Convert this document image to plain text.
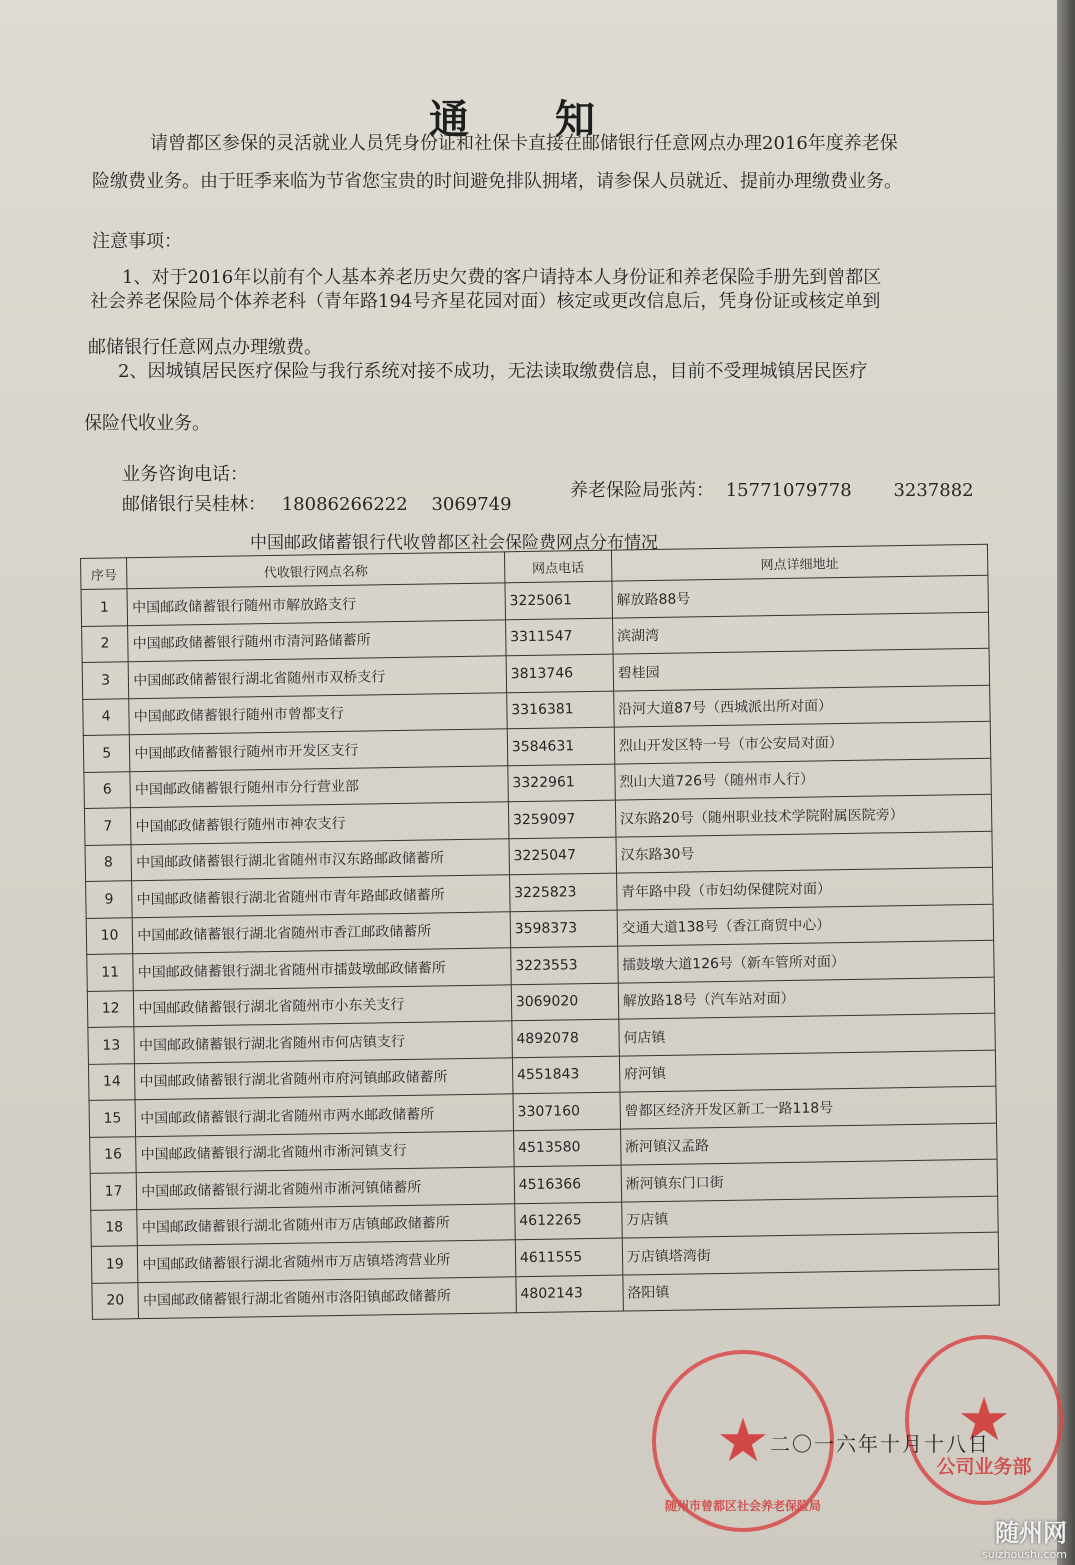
通 知
请曾都区参保的灵活就业人员凭身份证和社保卡直接在邮储银行任意网点办理2016年度养老保
险缴费业务。由于旺季来临为节省您宝贵的时间避免排队拥堵，请参保人员就近、提前办理缴费业务。
注意事项：
1、对于2016年以前有个人基本养老历史欠费的客户请持本人身份证和养老保险手册先到曾都区
社会养老保险局个体养老科（青年路194号齐星花园对面）核定或更改信息后，凭身份证或核定单到
邮储银行任意网点办理缴费。
2、因城镇居民医疗保险与我行系统对接不成功，无法读取缴费信息，目前不受理城镇居民医疗
保险代收业务。
业务咨询电话：
邮储银行吴桂林： 18086266222 3069749
养老保险局张芮： 15771079778 3237882
中国邮政储蓄银行代收曾都区社会保险费网点分布情况
序号	代收银行网点名称	网点电话	网点详细地址
1	中国邮政储蓄银行随州市解放路支行	3225061	解放路88号
2	中国邮政储蓄银行随州市清河路储蓄所	3311547	滨湖湾
3	中国邮政储蓄银行湖北省随州市双桥支行	3813746	碧桂园
4	中国邮政储蓄银行随州市曾都支行	3316381	沿河大道87号（西城派出所对面）
5	中国邮政储蓄银行随州市开发区支行	3584631	烈山开发区特一号（市公安局对面）
6	中国邮政储蓄银行随州市分行营业部	3322961	烈山大道726号（随州市人行）
7	中国邮政储蓄银行随州市神农支行	3259097	汉东路20号（随州职业技术学院附属医院旁）
8	中国邮政储蓄银行湖北省随州市汉东路邮政储蓄所	3225047	汉东路30号
9	中国邮政储蓄银行湖北省随州市青年路邮政储蓄所	3225823	青年路中段（市妇幼保健院对面）
10	中国邮政储蓄银行湖北省随州市香江邮政储蓄所	3598373	交通大道138号（香江商贸中心）
11	中国邮政储蓄银行湖北省随州市擂鼓墩邮政储蓄所	3223553	擂鼓墩大道126号（新车管所对面）
12	中国邮政储蓄银行湖北省随州市小东关支行	3069020	解放路18号（汽车站对面）
13	中国邮政储蓄银行湖北省随州市何店镇支行	4892078	何店镇
14	中国邮政储蓄银行湖北省随州市府河镇邮政储蓄所	4551843	府河镇
15	中国邮政储蓄银行湖北省随州市两水邮政储蓄所	3307160	曾都区经济开发区新工一路118号
16	中国邮政储蓄银行湖北省随州市淅河镇支行	4513580	淅河镇汉孟路
17	中国邮政储蓄银行湖北省随州市淅河镇储蓄所	4516366	淅河镇东门口街
18	中国邮政储蓄银行湖北省随州市万店镇邮政储蓄所	4612265	万店镇
19	中国邮政储蓄银行湖北省随州市万店镇塔湾营业所	4611555	万店镇塔湾街
20	中国邮政储蓄银行湖北省随州市洛阳镇邮政储蓄所	4802143	洛阳镇
★
随州市曾都区社会养老保险局
★
公司业务部
二〇一六年十月十八日
随州网
suizhoushi.com
